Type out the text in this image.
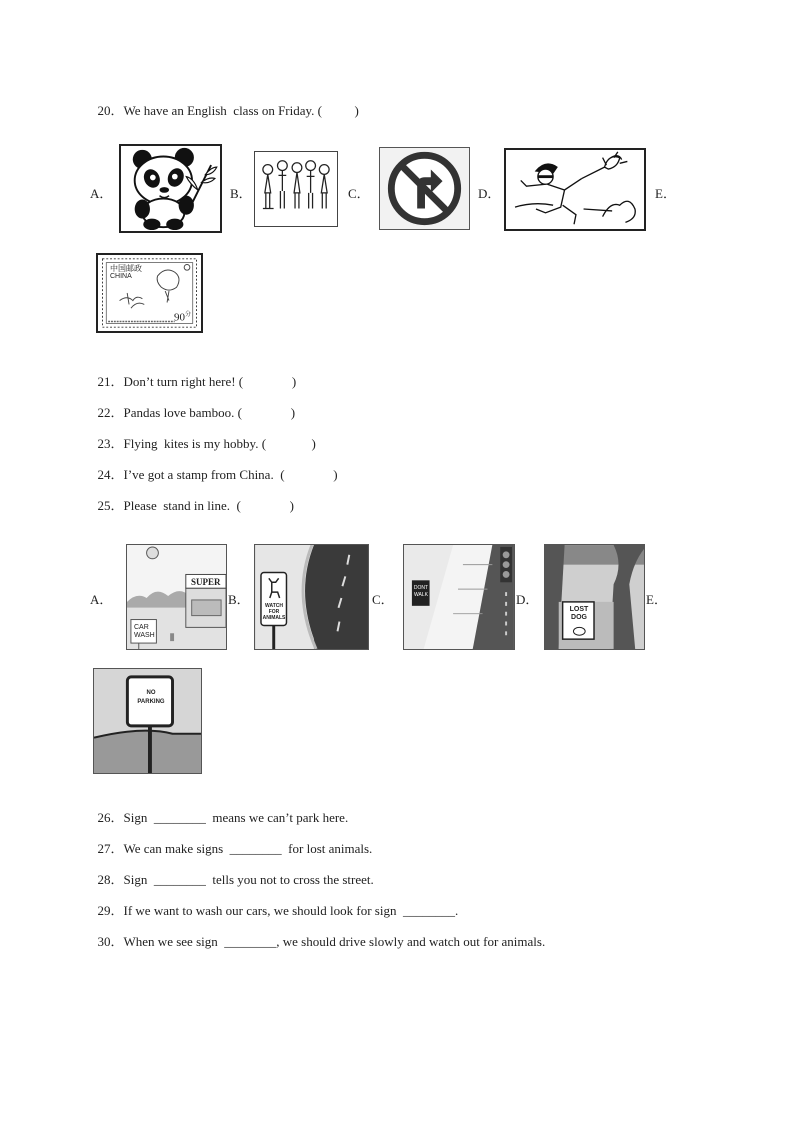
20．We have an English  class on Friday. (          )

A．	B．	C．	D．	E．
中国邮政
CHINA
$90^分$

21．Don’t turn right here! (               )

22．Pandas love bamboo. (               )

23．Flying  kites is my hobby. (              )

24．I’ve got a stamp from China.  (               )

25．Please  stand in line.  (               )

A．	B．	C．	D．	E．
SUPER
CAR
WASH
WATCH
FOR
ANIMALS
DONT
WALK
LOST
DOG
NO
PARKING

26．Sign  ________  means we can’t park here.

27．We can make signs  ________  for lost animals.

28．Sign  ________  tells you not to cross the street.

29．If we want to wash our cars, we should look for sign  ________.

30．When we see sign  ________, we should drive slowly and watch out for animals.
